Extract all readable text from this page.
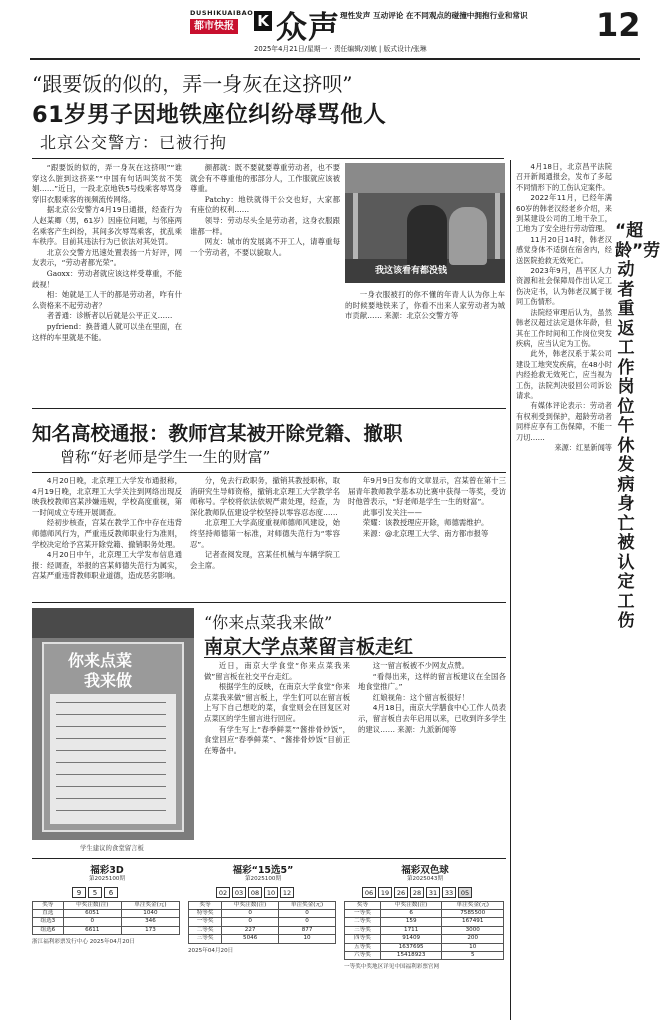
DUSHIKUAIBAO
都市快报 K 众声 理性发声 互动评论 在不同观点的碰撞中拥抱行业和常识
2025年4月21日/星期一 · 责任编辑/刘敏 | 版式设计/张琳
12
“跟要饭的似的，弄一身灰在这挤呗”
61岁男子因地铁座位纠纷辱骂他人
北京公交警方：已被行拘

“跟要饭的似的，弄一身灰在这挤呗”“谁穿这么脏到这挤来”“中国有句话叫笑贫不笑娼……”近日，一段北京地铁5号线乘客辱骂身穿旧衣服乘客的视频流传网络。

据北京公安警方4月19日通报，经查行为人赵某卿（男，61岁）因座位问题，与邻座两名乘客产生纠纷，其间多次辱骂乘客，扰乱乘车秩序。目前其违法行为已依法对其处罚。

北京公交警方迅速处置表扬一片好评，网友表示，“劳动者都光荣”。

Gaoxx：劳动者就应该这样受尊重，不能歧视！

相：她就是工人干的都是劳动者，咋有什么资格来不起劳动者？

者普通：诊断者以后就是公平正义……

pyfriend：换普通人就可以坐在里面，在这样的车里就是不能。

颜都就：既不要就要尊重劳动者，也不要就会有不尊重他的那部分人，工作服就应该被尊重。

Patchy：地铁就得干公交也好，大家都有座位的权利……

领导：劳动尽头全是劳动者，这身衣服跟谁都一样。

网友：城市的发展离不开工人，请尊重每一个劳动者，不要以貌取人。

我这该看有都没钱

一身衣服被打的你不懂的年青人认为你上车的时候要地铁来了，你看不出来人家劳动者为城市贡献…… 来源：北京公交警方等

知名高校通报：教师宫某被开除党籍、撤职
曾称“好老师是学生一生的财富”

4月20日晚，北京理工大学发布通报称，4月19日晚，北京理工大学关注到网络出现反映我校教师宫某涉嫌违规，学校高度重视，第一时间成立专班开展调查。

经初步核查，宫某在教学工作中存在违背师德师风行为，严重违反教师职业行为准则，学校决定给予宫某开除党籍、撤销职务处理。

4月20日中午，北京理工大学发布信息通报：经调查，举报的宫某师德失范行为属实，宫某严重违背教师职业道德，造成恶劣影响。

分，免去行政职务，撤销其教授职称，取消研究生导师资格，撤销北京理工大学教学名师称号。学校将依法依规严肃处理，经查，为深化教师队伍建设学校坚持以零容忍态度……

北京理工大学高度重视师德师风建设，始终坚持师德第一标准，对师德失范行为“零容忍”。

记者查阅发现，宫某任机械与车辆学院工会主席。

年9月9日发布的文章显示，宫某曾在第十三届青年教师教学基本功比赛中获得一等奖，受访时他曾表示，“好老师是学生一生的财富”。

此事引发关注——

荣耀：该教授理应开除，师德需维护。

来源：@北京理工大学、南方都市报等

你来点菜
我来做
学生建议的食堂留言板
“你来点菜我来做”
南京大学点菜留言板走红

近日，南京大学食堂“你来点菜我来做”留言板在社交平台走红。

根据学生的反映，在南京大学食堂“你来点菜我来做”留言板上，学生们可以在留言板上写下自己想吃的菜，食堂则会在回复区对点菜区的学生留言进行回应。

有学生写上“春季鲜菜”“酱排骨炒饭”，食堂回应“春季鲜菜”、“酱排骨炒饭”目前正在筹备中。

这一留言板被不少网友点赞。

“看得出来，这样的留言板建议在全国各地食堂推广。”

红娘视角：这个留言板很好！

4月18日，南京大学膳食中心工作人员表示，留言板自去年启用以来，已收到许多学生的建议…… 来源：九派新闻等

4月18日，北京昌平法院召开新闻通报会，发布了多起不同情形下的工伤认定案件。

2022年11月，已经年满60岁的韩老汉经老乡介绍，来到某建设公司的工地干杂工，工地为了安全进行劳动管理。

11月20日14时，韩老汉感觉身体不适倒在宿舍内，经送医院抢救无效死亡。

2023年9月，昌平区人力资源和社会保障局作出认定工伤决定书，认为韩老汉属于视同工伤情形。

法院经审理后认为，虽然韩老汉超过法定退休年龄，但其在工作时间和工作岗位突发疾病，应当认定为工伤。

此外，韩老汉系于某公司建设工地突发疾病，在48小时内经抢救无效死亡，应当视为工伤，法院判决驳回公司诉讼请求。

有媒体评论表示：劳动者有权利受到保护，超龄劳动者同样应享有工伤保障，不能一刀切……

来源：红星新闻等

“超龄”劳动者重返工作岗位 午休发病身亡被认定工伤
福彩3D
第2025100期
9	5	6
奖等	中奖注数(注)	单注奖金(元)
直选	6051	1040
组选3	0	346
组选6	6611	173
浙江福利彩票发行中心 2025年04月20日
福彩“15选5”
第2025100期
02	03	08	10	12
奖等	中奖注数(注)	单注奖金(元)
特等奖	0	0
一等奖	0	0
二等奖	227	877
三等奖	5046	10
2025年04月20日
福彩双色球
第2025043期
06	19	26	28	31	33	05
奖等	中奖注数(注)	单注奖金(元)
一等奖	6	7585500
二等奖	159	167491
三等奖	1711	3000
四等奖	91409	200
五等奖	1637695	10
六等奖	15418923	5
一等奖中奖地区详见中国福利彩票官网
